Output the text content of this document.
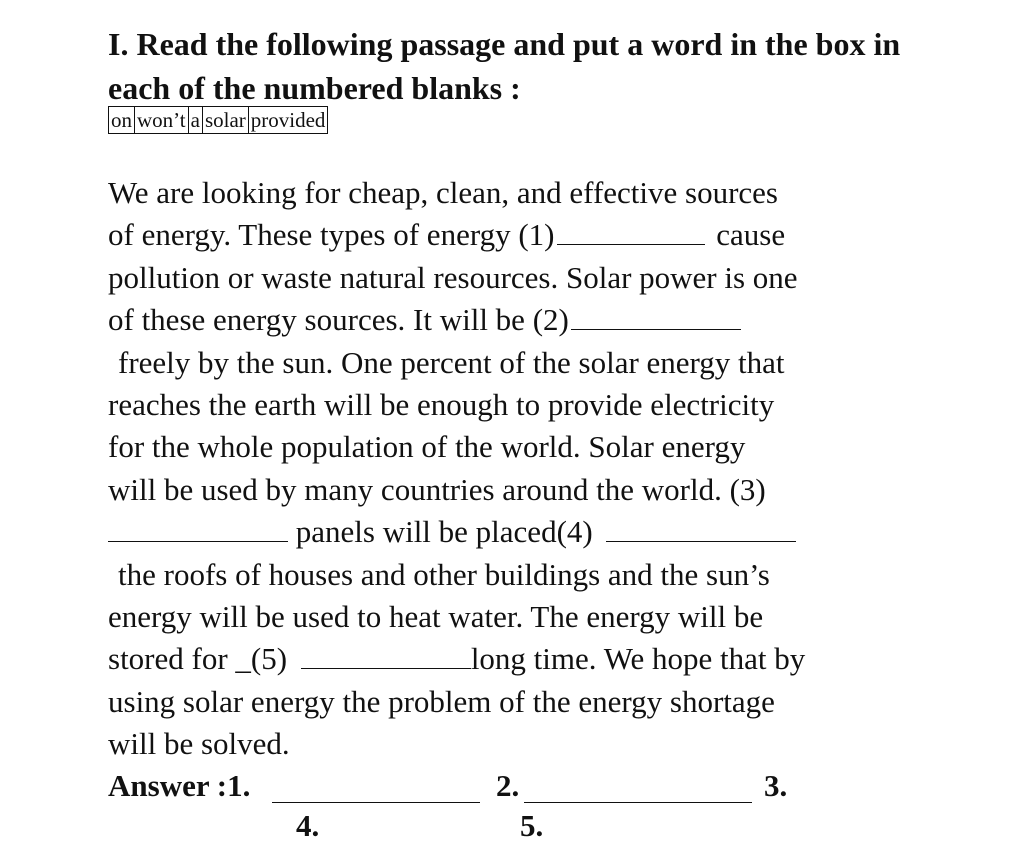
I. Read the following passage and put a word in the box in each of the numbered blanks :
on won’t a solar provided
We are looking for cheap, clean, and effective sources
of energy. These types of energy (1)	cause
pollution or waste natural resources. Solar power is one
of these energy sources. It will be (2)
freely by the sun. One percent of the solar energy that
reaches the earth will be enough to provide electricity
for the whole population of the world. Solar energy
will be used by many countries around the world. (3)
panels will be placed(4)
the roofs of houses and other buildings and the sun’s
energy will be used to heat water. The energy will be
stored for _(5)	long time. We hope that by
using solar energy the problem of the energy shortage
will be solved.
Answer :1.	2.	3.
4.	5.
